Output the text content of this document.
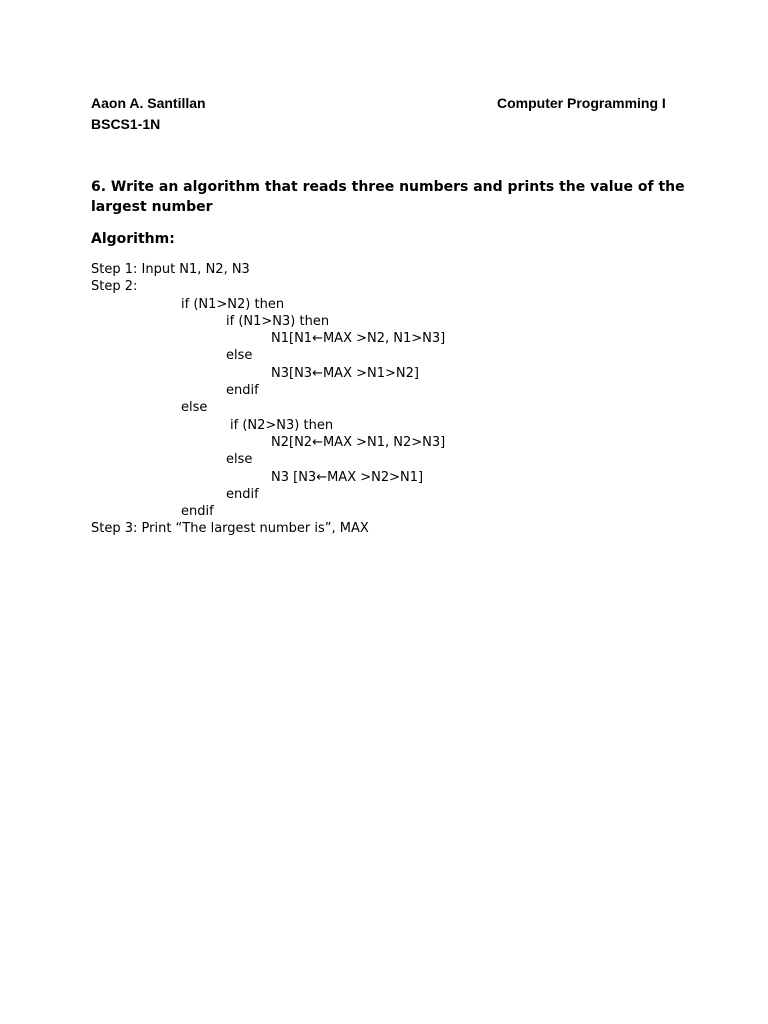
Aaon A. Santillan
BSCS1-1N
Computer Programming I
6. Write an algorithm that reads three numbers and prints the value of the largest number
Algorithm:
Step 1: Input N1, N2, N3
Step 2:
if (N1>N2) then
if (N1>N3) then
N1[N1←MAX >N2, N1>N3]
else
N3[N3←MAX >N1>N2]
endif
else
if (N2>N3) then
N2[N2←MAX >N1, N2>N3]
else
N3 [N3←MAX >N2>N1]
endif
endif
Step 3: Print “The largest number is”, MAX
